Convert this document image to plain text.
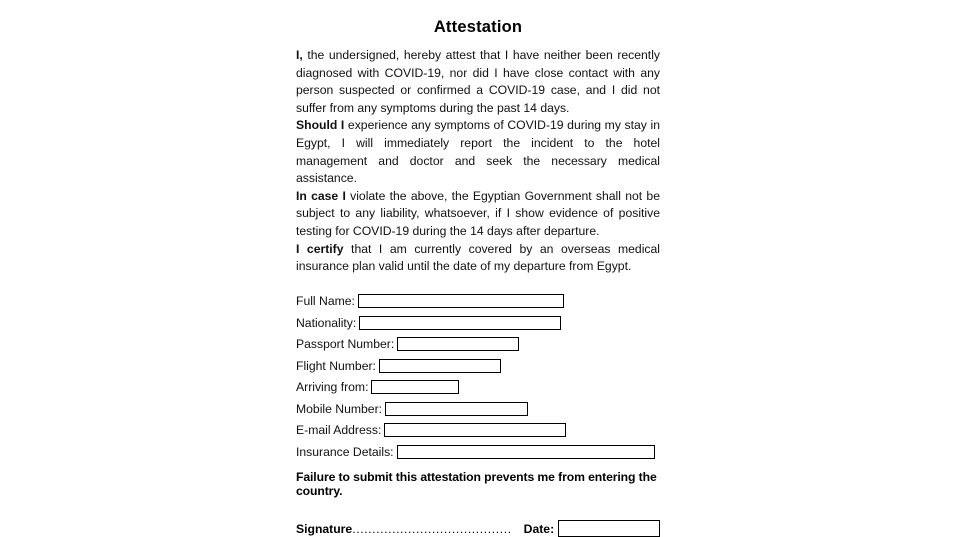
Attestation

I, the undersigned, hereby attest that I have neither been recently diagnosed with COVID-19, nor did I have close contact with any person suspected or confirmed a COVID-19 case, and I did not suffer from any symptoms during the past 14 days.

Should I experience any symptoms of COVID-19 during my stay in Egypt, I will immediately report the incident to the hotel management and doctor and seek the necessary medical assistance.

In case I violate the above, the Egyptian Government shall not be subject to any liability, whatsoever, if I show evidence of positive testing for COVID-19 during the 14 days after departure.

I certify that I am currently covered by an overseas medical insurance plan valid until the date of my departure from Egypt.

Full Name:
Nationality:
Passport Number:
Flight Number:
Arriving from:
Mobile Number:
E-mail Address:
Insurance Details:
Failure to submit this attestation prevents me from entering the country.
Signature ........................................ Date:
